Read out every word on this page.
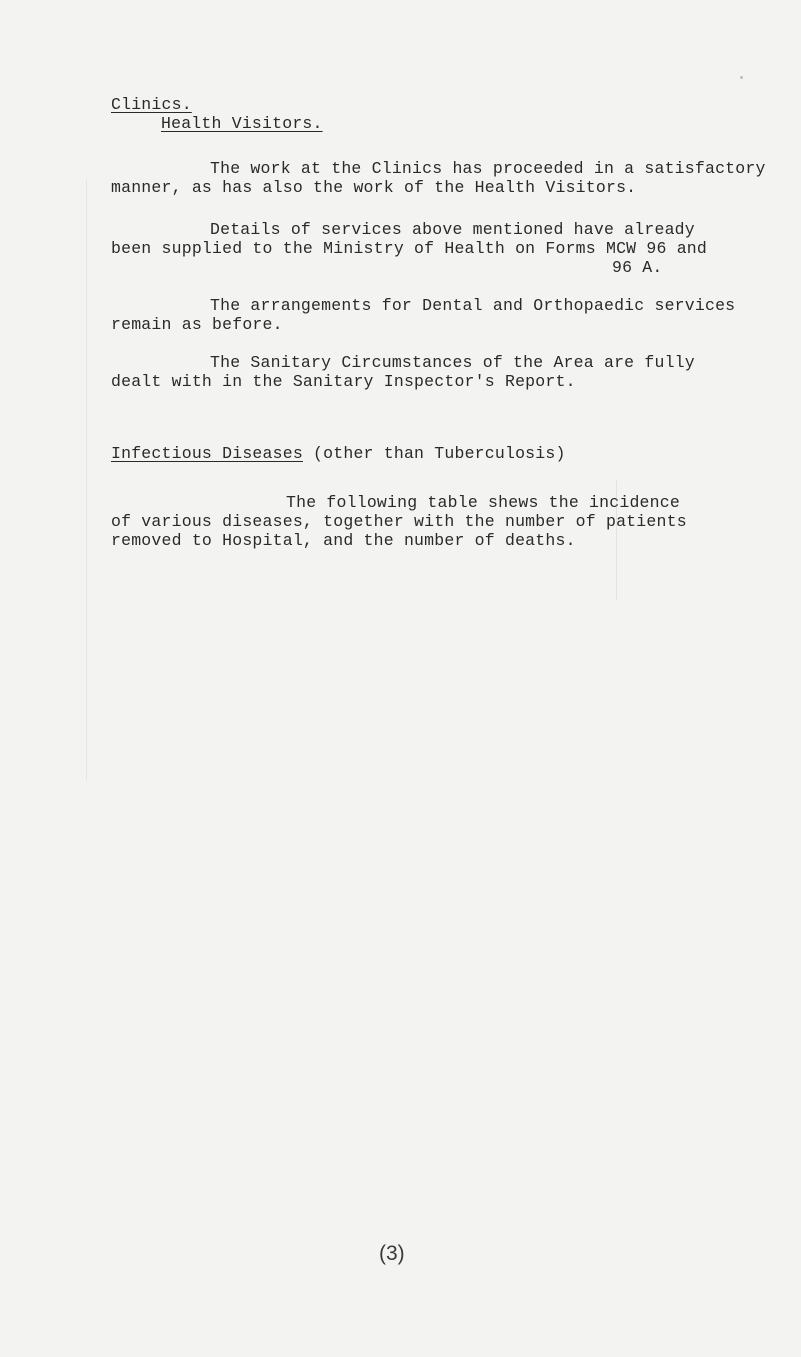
Clinics.
Health Visitors.
The work at the Clinics has proceeded in a satisfactory
manner, as has also the work of the Health Visitors.
Details of services above mentioned have already
been supplied to the Ministry of Health on Forms MCW 96 and
96 A.
The arrangements for Dental and Orthopaedic services
remain as before.
The Sanitary Circumstances of the Area are fully
dealt with in the Sanitary Inspector's Report.
Infectious Diseases (other than Tuberculosis)
The following table shews the incidence
of various diseases, together with the number of patients
removed to Hospital, and the number of deaths.
(3)
